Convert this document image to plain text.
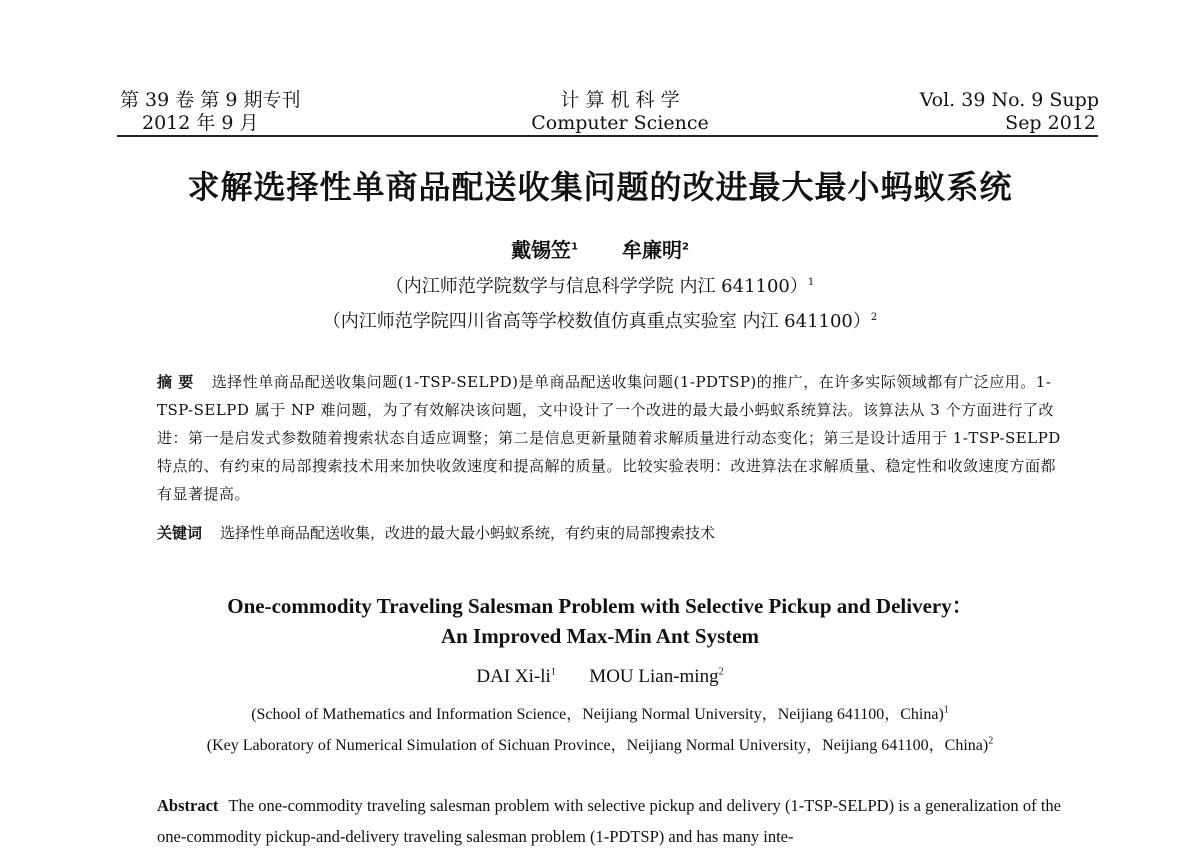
第 39 卷 第 9 期专刊
2012 年 9 月
计 算 机 科 学
Computer Science
Vol. 39 No. 9 Supp
Sep 2012
求解选择性单商品配送收集问题的改进最大最小蚂蚁系统
戴锡笠$^1$ 牟廉明$^2$
（内江师范学院数学与信息科学学院 内江 641100）$^1$
（内江师范学院四川省高等学校数值仿真重点实验室 内江 641100）$^2$
摘 要 选择性单商品配送收集问题(1-TSP-SELPD)是单商品配送收集问题(1-PDTSP)的推广，在许多实际领域都有广泛应用。1-TSP-SELPD 属于 NP 难问题，为了有效解决该问题，文中设计了一个改进的最大最小蚂蚁系统算法。该算法从 3 个方面进行了改进：第一是启发式参数随着搜索状态自适应调整；第二是信息更新量随着求解质量进行动态变化；第三是设计适用于 1-TSP-SELPD 特点的、有约束的局部搜索技术用来加快收敛速度和提高解的质量。比较实验表明：改进算法在求解质量、稳定性和收敛速度方面都有显著提高。
关键词 选择性单商品配送收集，改进的最大最小蚂蚁系统，有约束的局部搜索技术
One-commodity Traveling Salesman Problem with Selective Pickup and Delivery：
An Improved Max-Min Ant System
DAI $Xi-li^1$ MOU Lian-ming$^2$
(School of Mathematics and Information Science，Neijiang Normal University，Neijiang 641100，China)$^1$
(Key Laboratory of Numerical Simulation of Sichuan Province，Neijiang Normal University，Neijiang 641100，China)$^2$
Abstract The one-commodity traveling salesman problem with selective pickup and delivery (1-TSP-SELPD) is a generalization of the one-commodity pickup-and-delivery traveling salesman problem (1-PDTSP) and has many inte-
